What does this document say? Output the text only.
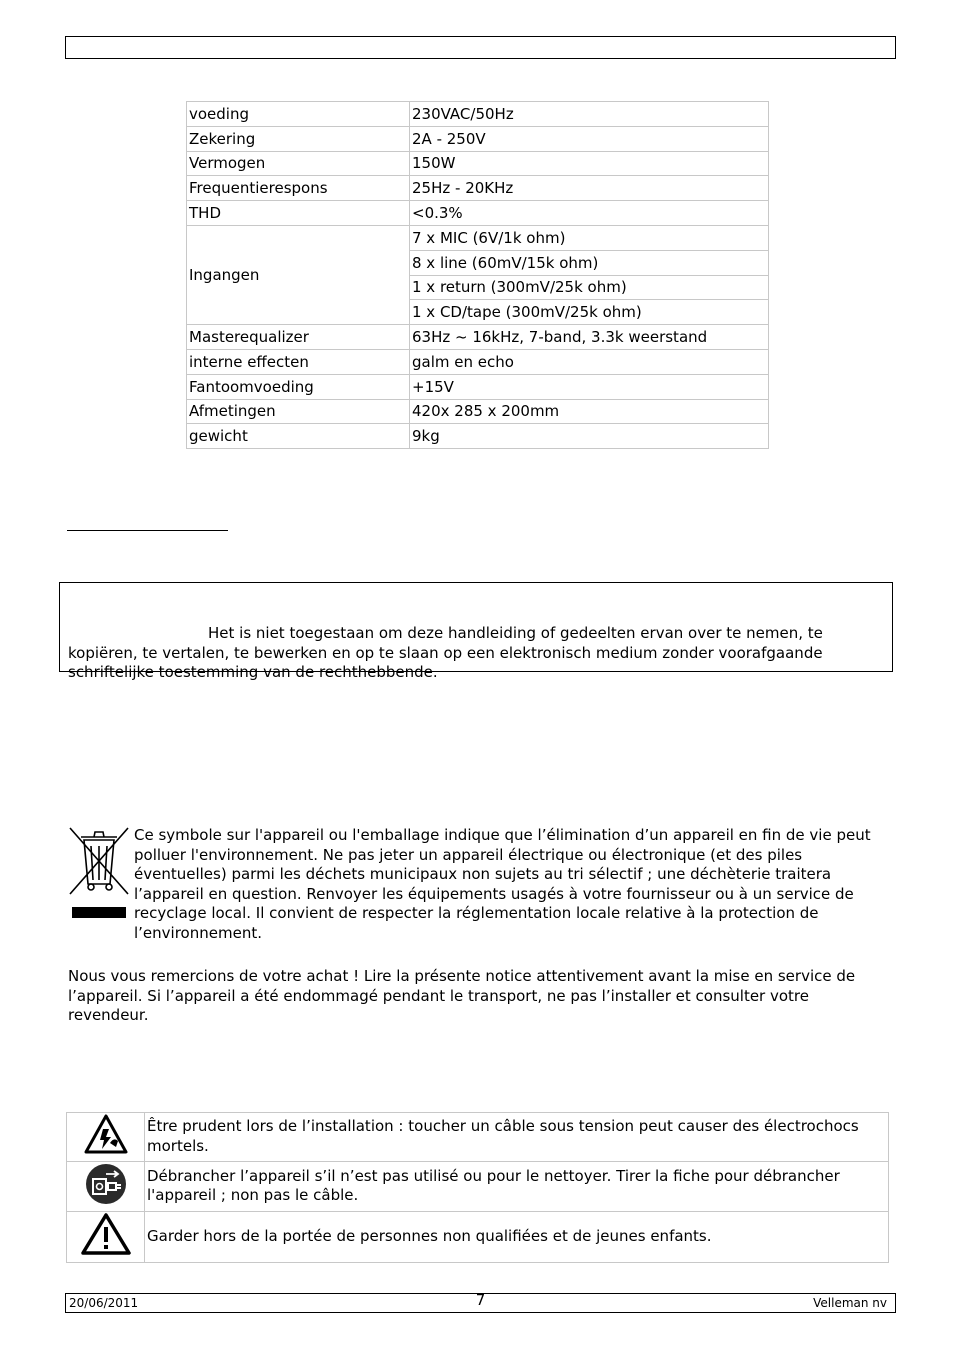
voeding	230VAC/50Hz
Zekering	2A - 250V
Vermogen	150W
Frequentierespons	25Hz - 20KHz
THD	<0.3%
Ingangen	7 x MIC (6V/1k ohm)
	8 x line (60mV/15k ohm)
	1 x return (300mV/25k ohm)
	1 x CD/tape (300mV/25k ohm)
Masterequalizer	63Hz ~ 16kHz, 7-band, 3.3k weerstand
interne effecten	galm en echo
Fantoomvoeding	+15V
Afmetingen	420x 285 x 200mm
gewicht	9kg
Het is niet toegestaan om deze handleiding of gedeelten ervan over te nemen, te kopiëren, te vertalen, te bewerken en op te slaan op een elektronisch medium zonder voorafgaande schriftelijke toestemming van de rechthebbende.
Ce symbole sur l'appareil ou l'emballage indique que l’élimination d’un appareil en fin de vie peut polluer l'environnement. Ne pas jeter un appareil électrique ou électronique (et des piles éventuelles) parmi les déchets municipaux non sujets au tri sélectif ; une déchèterie traitera l’appareil en question. Renvoyer les équipements usagés à votre fournisseur ou à un service de recyclage local. Il convient de respecter la réglementation locale relative à la protection de l’environnement.
Nous vous remercions de votre achat ! Lire la présente notice attentivement avant la mise en service de l’appareil. Si l’appareil a été endommagé pendant le transport, ne pas l’installer et consulter votre revendeur.
	Être prudent lors de l’installation : toucher un câble sous tension peut causer des électrochocs mortels.
	Débrancher l’appareil s’il n’est pas utilisé ou pour le nettoyer. Tirer la fiche pour débrancher l'appareil ; non pas le câble.
	Garder hors de la portée de personnes non qualifiées et de jeunes enfants.
20/06/2011	7	Velleman nv
